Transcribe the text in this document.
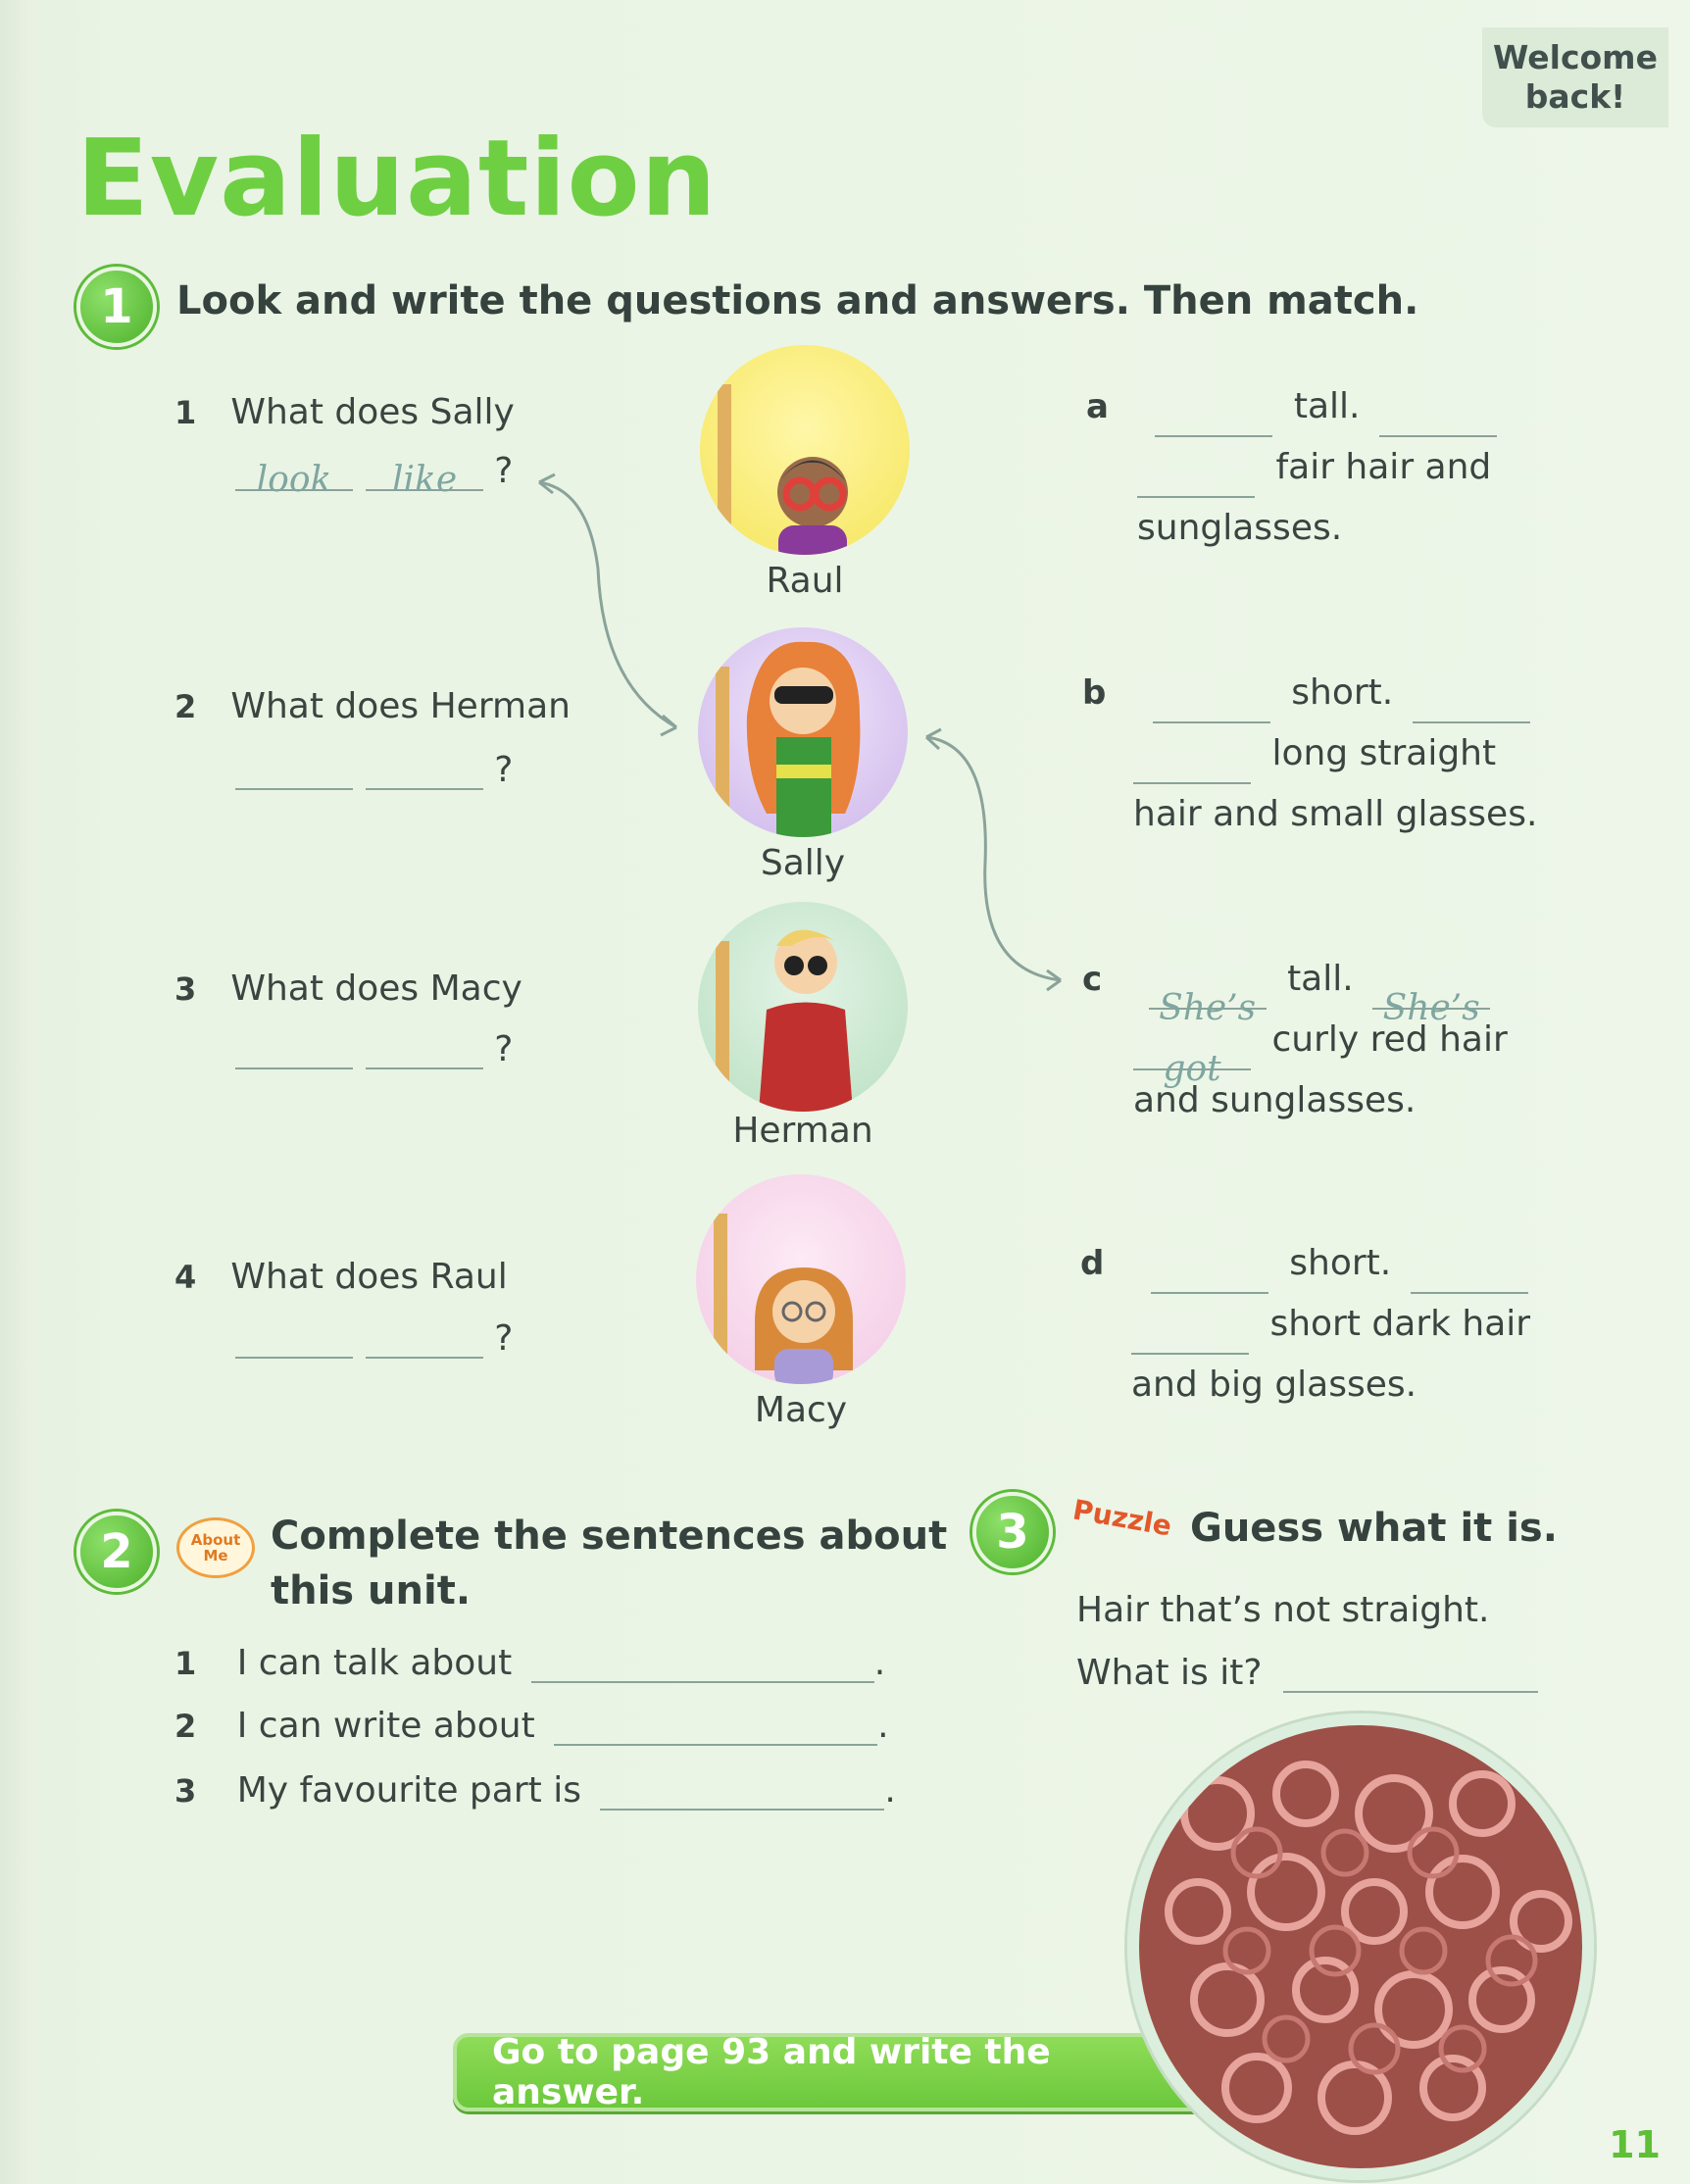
Welcome
back!
Evaluation
1	Look and write the questions and answers. Then match.
1 What does Sally
look like ?
2 What does Herman
?
3 What does Macy
?
4 What does Raul
?
Raul
Sally
Herman
Macy
a	tall.
fair hair and
sunglasses.
b	short.
long straight
hair and small glasses.
c She’s tall. She’s
got curly red hair
and sunglasses.
d	short.
short dark hair
and big glasses.
2	About Me	Complete the sentences about
this unit.
1 I can talk about	.
2 I can write about	.
3 My favourite part is	.
3	Puzzle Guess what it is.
Hair that’s not straight.
What is it?
Go to page 93 and write the answer.
11
